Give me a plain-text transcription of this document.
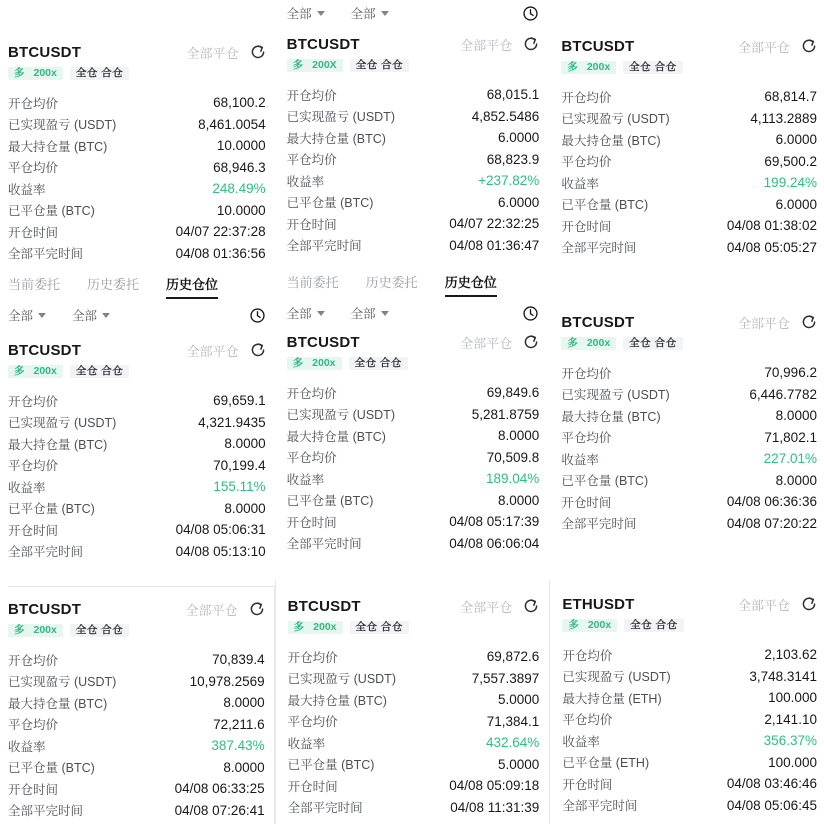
BTCUSDT	全部平仓
多 200x	全仓 合仓
开仓均价	68,100.2
已实现盈亏 (USDT)	8,461.0054
最大持仓量 (BTC)	10.0000
平仓均价	68,946.3
收益率	248.49%
已平仓量 (BTC)	10.0000
开仓时间	04/07 22:37:28
全部平完时间	04/08 01:36:56
当前委托 历史委托 历史仓位
全部	全部
BTCUSDT	全部平仓
多 200x	全仓 合仓
开仓均价	69,659.1
已实现盈亏 (USDT)	4,321.9435
最大持仓量 (BTC)	8.0000
平仓均价	70,199.4
收益率	155.11%
已平仓量 (BTC)	8.0000
开仓时间	04/08 05:06:31
全部平完时间	04/08 05:13:10
BTCUSDT	全部平仓
多 200x	全仓 合仓
开仓均价	70,839.4
已实现盈亏 (USDT)	10,978.2569
最大持仓量 (BTC)	8.0000
平仓均价	72,211.6
收益率	387.43%
已平仓量 (BTC)	8.0000
开仓时间	04/08 06:33:25
全部平完时间	04/08 07:26:41
全部	全部
BTCUSDT	全部平仓
多 200X	全仓 合仓
开仓均价	68,015.1
已实现盈亏 (USDT)	4,852.5486
最大持仓量 (BTC)	6.0000
平仓均价	68,823.9
收益率	+237.82%
已平仓量 (BTC)	6.0000
开仓时间	04/07 22:32:25
全部平完时间	04/08 01:36:47
当前委托 历史委托 历史仓位
全部	全部
BTCUSDT	全部平仓
多 200x	全仓 合仓
开仓均价	69,849.6
已实现盈亏 (USDT)	5,281.8759
最大持仓量 (BTC)	8.0000
平仓均价	70,509.8
收益率	189.04%
已平仓量 (BTC)	8.0000
开仓时间	04/08 05:17:39
全部平完时间	04/08 06:06:04
BTCUSDT	全部平仓
多 200x	全仓 合仓
开仓均价	69,872.6
已实现盈亏 (USDT)	7,557.3897
最大持仓量 (BTC)	5.0000
平仓均价	71,384.1
收益率	432.64%
已平仓量 (BTC)	5.0000
开仓时间	04/08 05:09:18
全部平完时间	04/08 11:31:39
BTCUSDT	全部平仓
多 200x	全仓 合仓
开仓均价	68,814.7
已实现盈亏 (USDT)	4,113.2889
最大持仓量 (BTC)	6.0000
平仓均价	69,500.2
收益率	199.24%
已平仓量 (BTC)	6.0000
开仓时间	04/08 01:38:02
全部平完时间	04/08 05:05:27
BTCUSDT	全部平仓
多 200x	全仓 合仓
开仓均价	70,996.2
已实现盈亏 (USDT)	6,446.7782
最大持仓量 (BTC)	8.0000
平仓均价	71,802.1
收益率	227.01%
已平仓量 (BTC)	8.0000
开仓时间	04/08 06:36:36
全部平完时间	04/08 07:20:22
ETHUSDT	全部平仓
多 200x	全仓 合仓
开仓均价	2,103.62
已实现盈亏 (USDT)	3,748.3141
最大持仓量 (ETH)	100.000
平仓均价	2,141.10
收益率	356.37%
已平仓量 (ETH)	100.000
开仓时间	04/08 03:46:46
全部平完时间	04/08 05:06:45
